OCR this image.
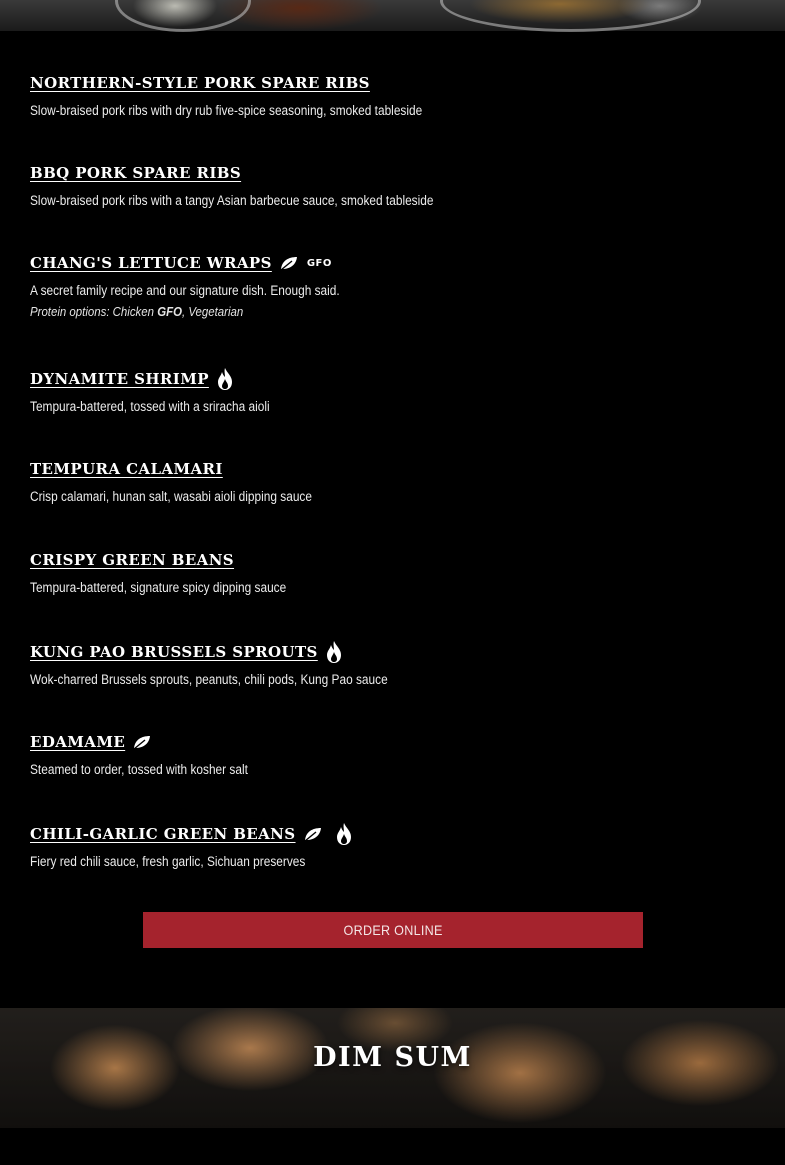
NORTHERN-STYLE PORK SPARE RIBS
Slow-braised pork ribs with dry rub five-spice seasoning, smoked tableside
BBQ PORK SPARE RIBS
Slow-braised pork ribs with a tangy Asian barbecue sauce, smoked tableside
CHANG'S LETTUCE WRAPS	GFO
A secret family recipe and our signature dish. Enough said.
Protein options: Chicken GFO, Vegetarian
DYNAMITE SHRIMP
Tempura-battered, tossed with a sriracha aioli
TEMPURA CALAMARI
Crisp calamari, hunan salt, wasabi aioli dipping sauce
CRISPY GREEN BEANS
Tempura-battered, signature spicy dipping sauce
KUNG PAO BRUSSELS SPROUTS
Wok-charred Brussels sprouts, peanuts, chili pods, Kung Pao sauce
EDAMAME
Steamed to order, tossed with kosher salt
CHILI-GARLIC GREEN BEANS
Fiery red chili sauce, fresh garlic, Sichuan preserves
ORDER ONLINE
DIM SUM
